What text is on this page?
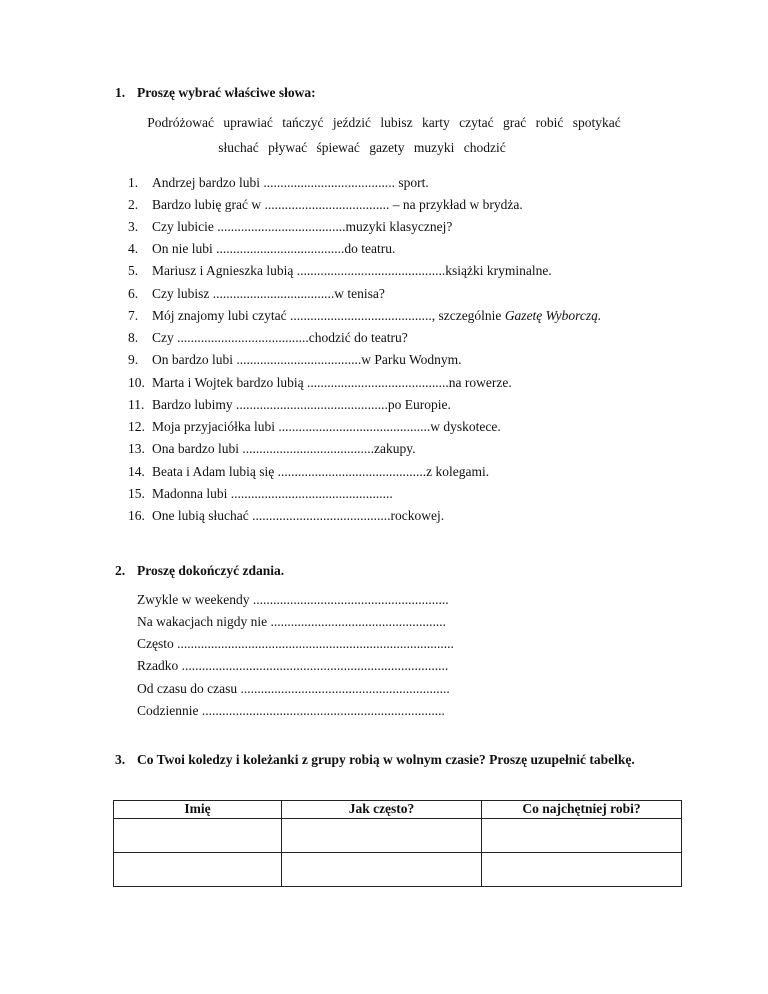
1. Proszę wybrać właściwe słowa:
Podróżować uprawiać tańczyć jeździć lubisz karty czytać grać robić spotykać
słuchać pływać śpiewać gazety muzyki chodzić
1. Andrzej bardzo lubi ....................................... sport.
2. Bardzo lubię grać w ..................................... – na przykład w brydża.
3. Czy lubicie ......................................muzyki klasycznej?
4. On nie lubi ......................................do teatru.
5. Mariusz i Agnieszka lubią ............................................książki kryminalne.
6. Czy lubisz ....................................w tenisa?
7. Mój znajomy lubi czytać .........................................., szczególnie Gazetę Wyborczą.
8. Czy .......................................chodzić do teatru?
9. On bardzo lubi .....................................w Parku Wodnym.
10. Marta i Wojtek bardzo lubią ..........................................na rowerze.
11. Bardzo lubimy .............................................po Europie.
12. Moja przyjaciółka lubi .............................................w dyskotece.
13. Ona bardzo lubi .......................................zakupy.
14. Beata i Adam lubią się ............................................z kolegami.
15. Madonna lubi ................................................
16. One lubią słuchać .........................................rockowej.
2. Proszę dokończyć zdania.
Zwykle w weekendy ..........................................................
Na wakacjach nigdy nie ....................................................
Często ..................................................................................
Rzadko ...............................................................................
Od czasu do czasu ..............................................................
Codziennie ........................................................................
3. Co Twoi koledzy i koleżanki z grupy robią w wolnym czasie? Proszę uzupełnić tabelkę.
Imię	Jak często?	Co najchętniej robi?
